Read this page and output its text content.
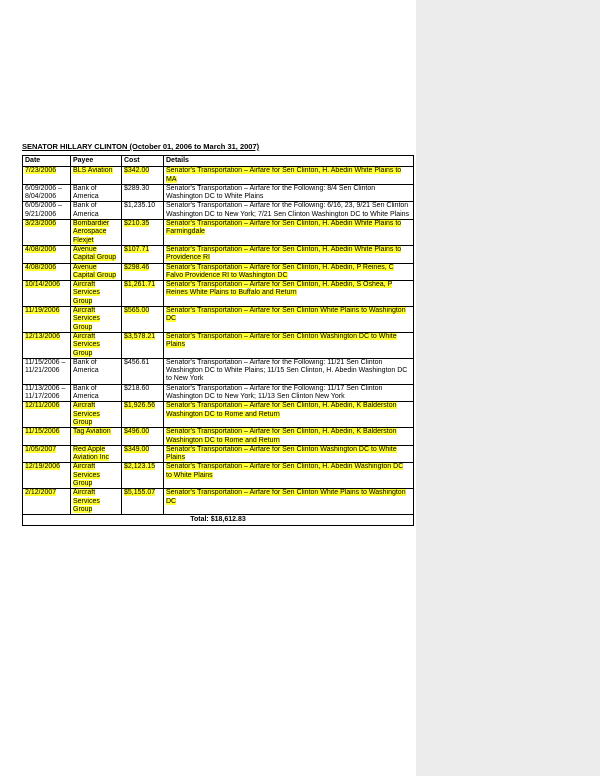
SENATOR HILLARY CLINTON (October 01, 2006 to March 31, 2007)
Date	Payee	Cost	Details
7/23/2006	BLS Aviation	$342.00	Senator's Transportation – Airfare for Sen Clinton, H. Abedin White Plains to MA
6/09/2006 – 8/04/2006	Bank of America	$289.30	Senator's Transportation – Airfare for the Following: 8/4 Sen Clinton Washington DC to White Plains
6/05/2006 – 9/21/2006	Bank of America	$1,235.10	Senator's Transportation – Airfare for the Following: 6/16, 23, 9/21 Sen Clinton Washington DC to New York; 7/21 Sen Clinton Washington DC to White Plains
3/23/2006	Bombardier Aerospace Flexjet	$210.35	Senator's Transportation – Airfare for Sen Clinton, H. Abedin White Plains to Farmingdale
4/08/2006	Avenue Capital Group	$107.71	Senator's Transportation – Airfare for Sen Clinton, H. Abedin White Plains to Providence RI
4/08/2006	Avenue Capital Group	$298.46	Senator's Transportation – Airfare for Sen Clinton, H. Abedin, P Reines, C Falvo Providence RI to Washington DC
10/14/2006	Aircraft Services Group	$1,261.71	Senator's Transportation – Airfare for Sen Clinton, H. Abedin, S Oshea, P Reines White Plains to Buffalo and Return
11/19/2006	Aircraft Services Group	$565.00	Senator's Transportation – Airfare for Sen Clinton White Plains to Washington DC
12/13/2006	Aircraft Services Group	$3,578.21	Senator's Transportation – Airfare for Sen Clinton Washington DC to White Plains
11/15/2006 – 11/21/2006	Bank of America	$456.61	Senator's Transportation – Airfare for the Following: 11/21 Sen Clinton Washington DC to White Plains; 11/15 Sen Clinton, H. Abedin Washington DC to New York
11/13/2006 – 11/17/2006	Bank of America	$218.60	Senator's Transportation – Airfare for the Following: 11/17 Sen Clinton Washington DC to New York; 11/13 Sen Clinton New York
12/11/2006	Aircraft Services Group	$1,926.56	Senator's Transportation – Airfare for Sen Clinton, H. Abedin, K Balderston Washington DC to Rome and Return
11/15/2006	Tag Aviation	$496.00	Senator's Transportation – Airfare for Sen Clinton, H. Abedin, K Balderston Washington DC to Rome and Return
1/05/2007	Red Apple Aviation Inc	$349.00	Senator's Transportation – Airfare for Sen Clinton Washington DC to White Plains
12/19/2006	Aircraft Services Group	$2,123.15	Senator's Transportation – Airfare for Sen Clinton, H. Abedin Washington DC to White Plains
2/12/2007	Aircraft Services Group	$5,155.07	Senator's Transportation – Airfare for Sen Clinton White Plains to Washington DC
Total: $18,612.83			
